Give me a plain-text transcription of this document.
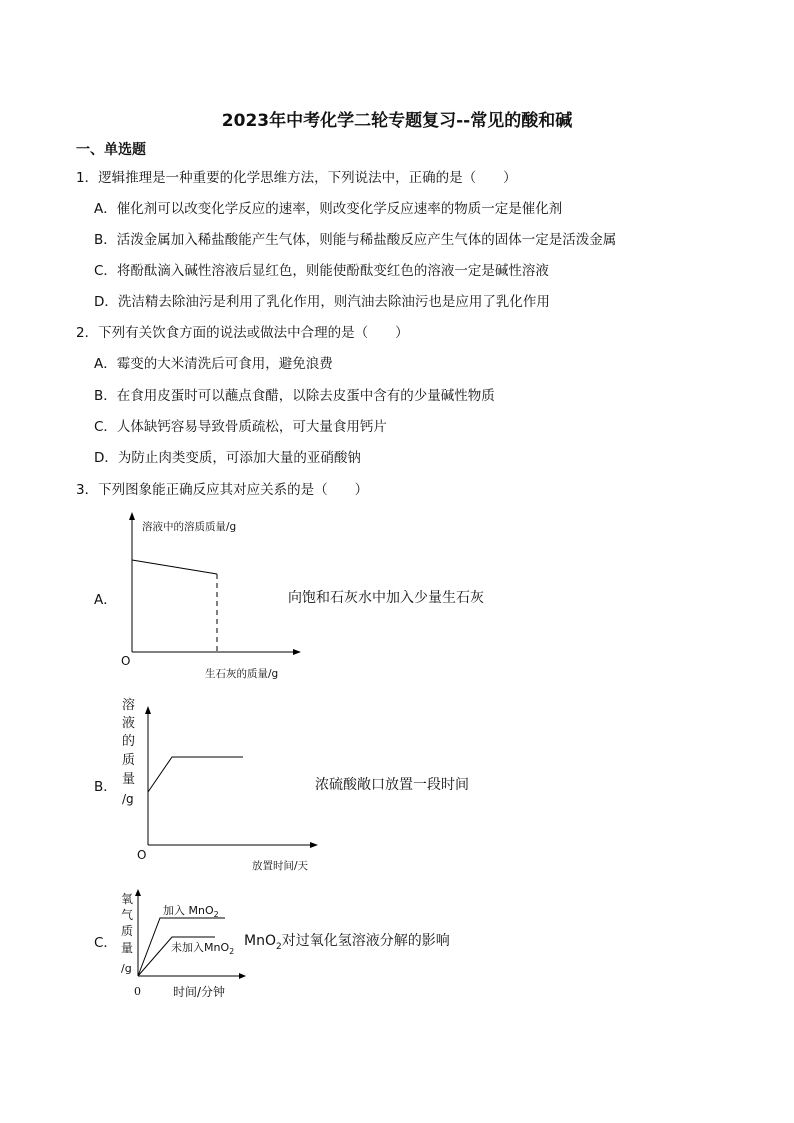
2023年中考化学二轮专题复习--常见的酸和碱
一、单选题
1．逻辑推理是一种重要的化学思维方法，下列说法中，正确的是（　　）
A．催化剂可以改变化学反应的速率，则改变化学反应速率的物质一定是催化剂
B．活泼金属加入稀盐酸能产生气体，则能与稀盐酸反应产生气体的固体一定是活泼金属
C．将酚酞滴入碱性溶液后显红色，则能使酚酞变红色的溶液一定是碱性溶液
D．洗洁精去除油污是利用了乳化作用，则汽油去除油污也是应用了乳化作用
2．下列有关饮食方面的说法或做法中合理的是（　　）
A．霉变的大米清洗后可食用，避免浪费
B．在食用皮蛋时可以蘸点食醋，以除去皮蛋中含有的少量碱性物质
C．人体缺钙容易导致骨质疏松，可大量食用钙片
D．为防止肉类变质，可添加大量的亚硝酸钠
3．下列图象能正确反应其对应关系的是（　　）
A．
溶液中的溶质质量/g
O
生石灰的质量/g
向饱和石灰水中加入少量生石灰
B．
溶
液
的
质
量
/g
O
放置时间/天
浓硫酸敞口放置一段时间
C．
氧
气
质
量
/g
加入 MnO$_2$
未加入MnO$_2$
0	时间/分钟
MnO$_2$对过氧化氢溶液分解的影响
